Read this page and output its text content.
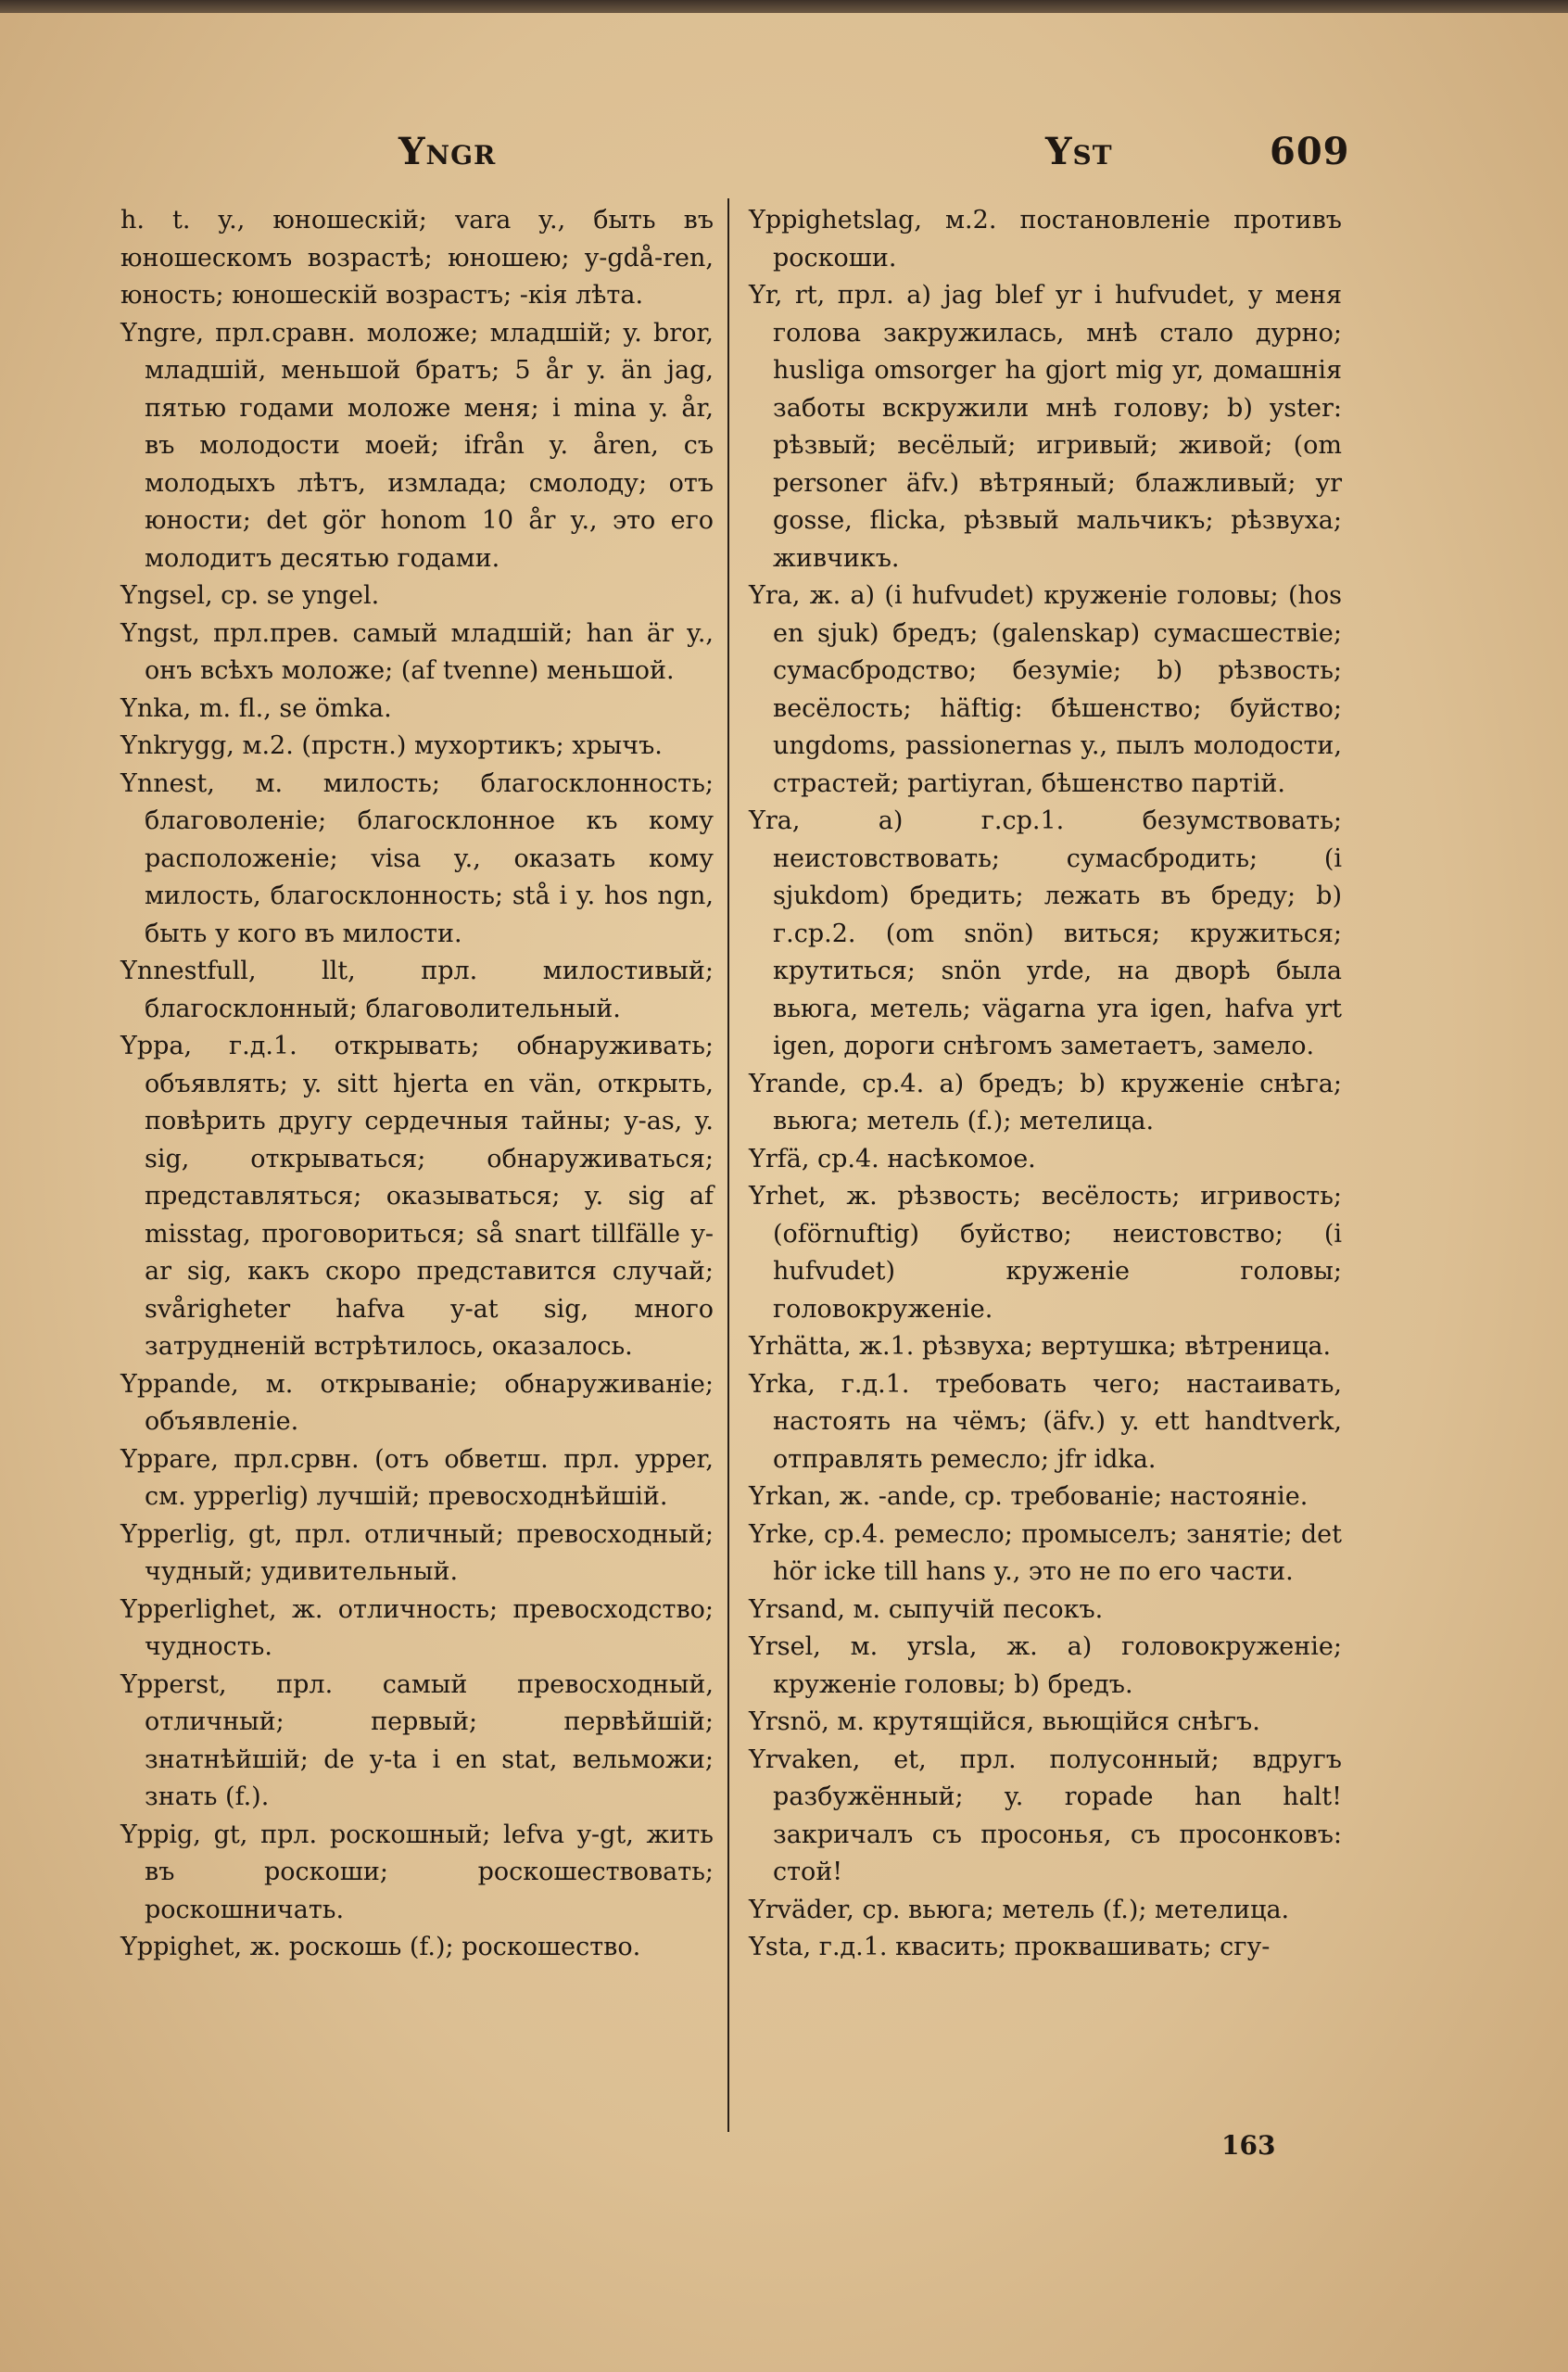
Yngr	Yst	609
h. t. y., юношескій; vara y., быть въ юношескомъ возрастѣ; юношею; y-gdå-ren, юность; юношескій возрастъ; -кія лѣта.
Yngre, прл.сравн. моложе; младшій; y. bror, младшій, меньшой братъ; 5 år y. än jag, пятью годами моложе меня; i mina y. år, въ молодости моей; ifrån y. åren, съ молодыхъ лѣтъ, измлада; смолоду; отъ юности; det gör honom 10 år y., это его молодитъ десятью годами.
Yngsel, ср. se yngel.
Yngst, прл.прев. самый младшій; han är y., онъ всѣхъ моложе; (af tvenne) меньшой.
Ynka, m. fl., se ömka.
Ynkrygg, м.2. (прстн.) мухортикъ; хрычъ.
Ynnest, м. милость; благосклонность; благоволеніе; благосклонное къ кому расположеніе; visa y., оказать кому милость, благосклонность; stå i y. hos ngn, быть у кого въ милости.
Ynnestfull, llt, прл. милостивый; благосклонный; благоволительный.
Yppa, г.д.1. открывать; обнаруживать; объявлять; y. sitt hjerta en vän, открыть, повѣрить другу сердечныя тайны; y-as, y. sig, открываться; обнаруживаться; представляться; оказываться; y. sig af misstag, проговориться; så snart tillfälle y-ar sig, какъ скоро представится случай; svårigheter hafva y-at sig, много затрудненій встрѣтилось, оказалось.
Yppande, м. открываніе; обнаруживаніе; объявленіе.
Yppare, прл.срвн. (отъ обветш. прл. ypper, см. ypperlig) лучшій; превосходнѣйшій.
Ypperlig, gt, прл. отличный; превосходный; чудный; удивительный.
Ypperlighet, ж. отличность; превосходство; чудность.
Ypperst, прл. самый превосходный, отличный; первый; первѣйшій; знатнѣйшій; de y-ta i en stat, вельможи; знать (f.).
Yppig, gt, прл. роскошный; lefva y-gt, жить въ роскоши; роскошествовать; роскошничать.
Yppighet, ж. роскошь (f.); роскошество.
Yppighetslag, м.2. постановленіе противъ роскоши.
Yr, rt, прл. a) jag blef yr i hufvudet, у меня голова закружилась, мнѣ стало дурно; husliga omsorger ha gjort mig yr, домашнія заботы вскружили мнѣ голову; b) yster: рѣзвый; весёлый; игривый; живой; (om personer äfv.) вѣтряный; блажливый; yr gosse, flicka, рѣзвый мальчикъ; рѣзвуха; живчикъ.
Yra, ж. a) (i hufvudet) круженіе головы; (hos en sjuk) бредъ; (galenskap) сумасшествіе; сумасбродство; безуміе; b) рѣзвость; весёлость; häftig: бѣшенство; буйство; ungdoms, passionernas y., пылъ молодости, страстей; partiyran, бѣшенство партій.
Yra, a) г.ср.1. безумствовать; неистовствовать; сумасбродить; (i sjukdom) бредить; лежать въ бреду; b) г.ср.2. (om snön) виться; кружиться; крутиться; snön yrde, на дворѣ была вьюга, метель; vägarna yra igen, hafva yrt igen, дороги снѣгомъ заметаетъ, замело.
Yrande, ср.4. a) бредъ; b) круженіе снѣга; вьюга; метель (f.); метелица.
Yrfä, ср.4. насѣкомое.
Yrhet, ж. рѣзвость; весёлость; игривость; (oförnuftig) буйство; неистовство; (i hufvudet) круженіе головы; головокруженіе.
Yrhätta, ж.1. рѣзвуха; вертушка; вѣтреница.
Yrka, г.д.1. требовать чего; настаивать, настоять на чёмъ; (äfv.) y. ett handtverk, отправлять ремесло; jfr idka.
Yrkan, ж. -ande, ср. требованіе; настояніе.
Yrke, ср.4. ремесло; промыселъ; занятіе; det hör icke till hans y., это не по его части.
Yrsand, м. сыпучій песокъ.
Yrsel, м. yrsla, ж. a) головокруженіе; круженіе головы; b) бредъ.
Yrsnö, м. крутящійся, вьющійся снѣгъ.
Yrvaken, et, прл. полусонный; вдругъ разбужённый; y. ropade han halt! закричалъ съ просонья, съ просонковъ: стой!
Yrväder, ср. вьюга; метель (f.); метелица.
Ysta, г.д.1. квасить; проквашивать; сгу-
163
